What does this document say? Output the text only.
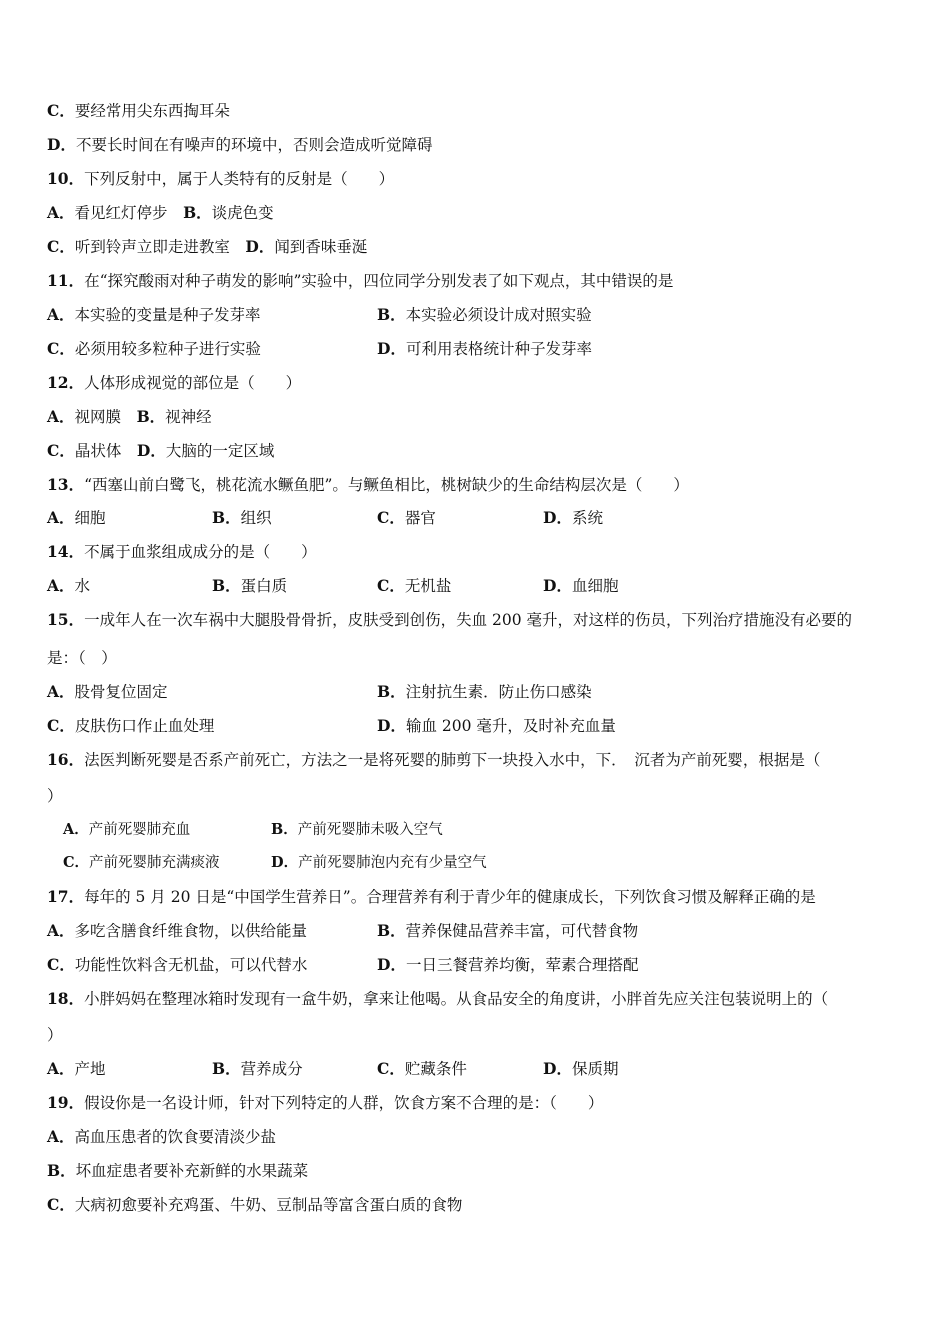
C．要经常用尖东西掏耳朵
D．不要长时间在有噪声的环境中，否则会造成听觉障碍
10．下列反射中，属于人类特有的反射是（　　）
A．看见红灯停步　 B．谈虎色变
C．听到铃声立即走进教室　 D．闻到香味垂涎
11．在“探究酸雨对种子萌发的影响”实验中，四位同学分别发表了如下观点，其中错误的是
A．本实验的变量是种子发芽率	B．本实验必须设计成对照实验
C．必须用较多粒种子进行实验	D．可利用表格统计种子发芽率
12．人体形成视觉的部位是（　　）
A．视网膜　 B．视神经
C．晶状体　 D．大脑的一定区域
13．“西塞山前白鹭飞，桃花流水鳜鱼肥”。与鳜鱼相比，桃树缺少的生命结构层次是（　　）
A．细胞	B．组织	C．器官	D．系统
14．不属于血浆组成成分的是（　　）
A．水	B．蛋白质	C．无机盐	D．血细胞
15．一成年人在一次车祸中大腿股骨骨折，皮肤受到创伤，失血 200 毫升，对这样的伤员，下列治疗措施没有必要的
是：（　）
A．股骨复位固定	B．注射抗生素．防止伤口感染
C．皮肤伤口作止血处理	D．输血 200 毫升，及时补充血量
16．法医判断死婴是否系产前死亡，方法之一是将死婴的肺剪下一块投入水中，下．　沉者为产前死婴，根据是（
）
A．产前死婴肺充血	B．产前死婴肺未吸入空气
C．产前死婴肺充满痰液	D．产前死婴肺泡内充有少量空气
17．每年的 5 月 20 日是“中国学生营养日”。合理营养有利于青少年的健康成长，下列饮食习惯及解释正确的是
A．多吃含膳食纤维食物，以供给能量	B．营养保健品营养丰富，可代替食物
C．功能性饮料含无机盐，可以代替水	D．一日三餐营养均衡，荤素合理搭配
18．小胖妈妈在整理冰箱时发现有一盒牛奶，拿来让他喝。从食品安全的角度讲，小胖首先应关注包装说明上的（
）
A．产地	B．营养成分	C．贮藏条件	D．保质期
19．假设你是一名设计师，针对下列特定的人群，饮食方案不合理的是：（　　）
A．高血压患者的饮食要清淡少盐
B．坏血症患者要补充新鲜的水果蔬菜
C．大病初愈要补充鸡蛋、牛奶、豆制品等富含蛋白质的食物
